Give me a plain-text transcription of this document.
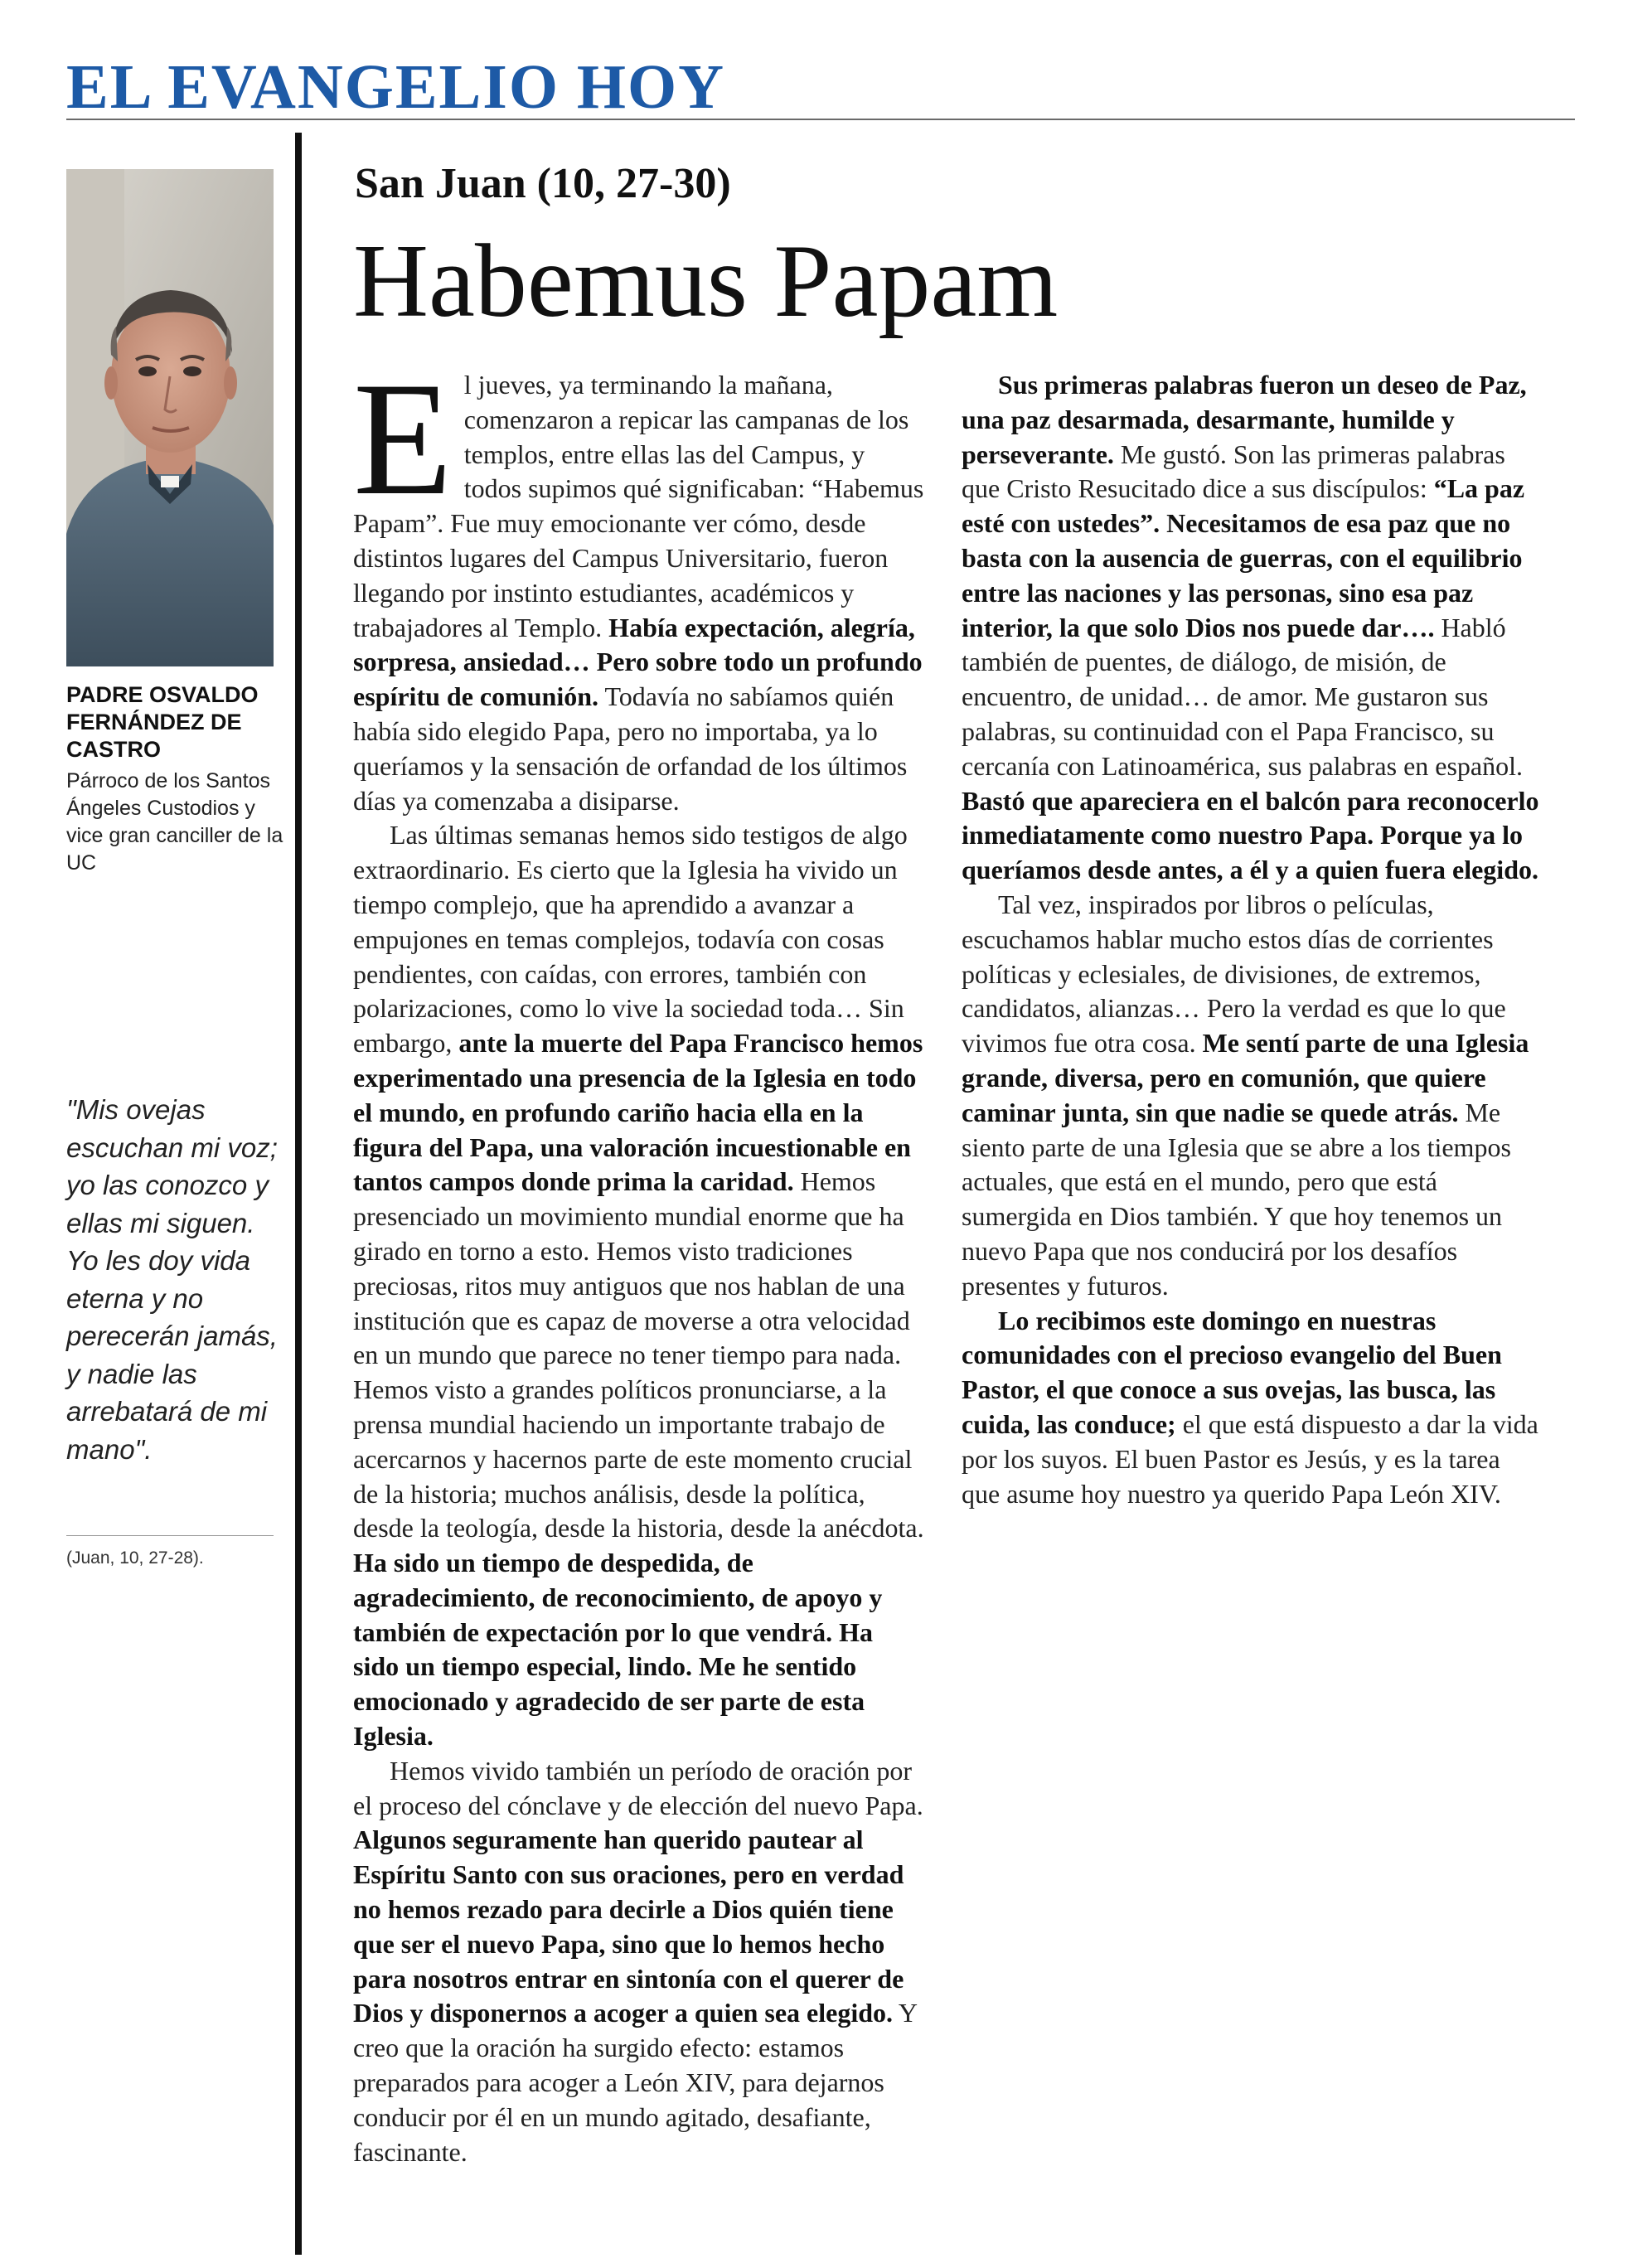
EL EVANGELIO HOY

PADRE OSVALDO FERNÁNDEZ DE CASTRO

Párroco de los Santos Ángeles Custodios y vice gran canciller de la UC

"Mis ovejas escuchan mi voz; yo las conozco y ellas mi siguen. Yo les doy vida eterna y no perecerán jamás, y nadie las arrebatará de mi mano".

(Juan, 10, 27-28).

San Juan (10, 27-30)
Habemus Papam

El jueves, ya terminando la mañana, comenzaron a repicar las campanas de los templos, entre ellas las del Campus, y todos supimos qué significaban: “Habemus Papam”. Fue muy emocionante ver cómo, desde distintos lugares del Campus Universitario, fueron llegando por instinto estudiantes, académicos y trabajadores al Templo. Había expectación, alegría, sorpresa, ansiedad… Pero sobre todo un profundo espíritu de comunión. Todavía no sabíamos quién había sido elegido Papa, pero no importaba, ya lo queríamos y la sensación de orfandad de los últimos días ya comenzaba a disiparse.

Las últimas semanas hemos sido testigos de algo extraordinario. Es cierto que la Iglesia ha vivido un tiempo complejo, que ha aprendido a avanzar a empujones en temas complejos, todavía con cosas pendientes, con caídas, con errores, también con polarizaciones, como lo vive la sociedad toda… Sin embargo, ante la muerte del Papa Francisco hemos experimentado una presencia de la Iglesia en todo el mundo, en profundo cariño hacia ella en la figura del Papa, una valoración incuestionable en tantos campos donde prima la caridad. Hemos presenciado un movimiento mundial enorme que ha girado en torno a esto. Hemos visto tradiciones preciosas, ritos muy antiguos que nos hablan de una institución que es capaz de moverse a otra velocidad en un mundo que parece no tener tiempo para nada. Hemos visto a grandes políticos pronunciarse, a la prensa mundial haciendo un importante trabajo de acercarnos y hacernos parte de este momento crucial de la historia; muchos análisis, desde la política, desde la teología, desde la historia, desde la anécdota. Ha sido un tiempo de despedida, de agradecimiento, de reconocimiento, de apoyo y también de expectación por lo que vendrá. Ha sido un tiempo especial, lindo. Me he sentido emocionado y agradecido de ser parte de esta Iglesia.

Hemos vivido también un período de oración por el proceso del cónclave y de elección del nuevo Papa. Algunos seguramente han querido pautear al Espíritu Santo con sus oraciones, pero en verdad no hemos rezado para decirle a Dios quién tiene que ser el nuevo Papa, sino que lo hemos hecho para nosotros entrar en sintonía con el querer de Dios y disponernos a acoger a quien sea elegido. Y creo que la oración ha surgido efecto: estamos preparados para acoger a León XIV, para dejarnos conducir por él en un mundo agitado, desafiante, fascinante.

Sus primeras palabras fueron un deseo de Paz, una paz desarmada, desarmante, humilde y perseverante. Me gustó. Son las primeras palabras que Cristo Resucitado dice a sus discípulos: “La paz esté con ustedes”. Necesitamos de esa paz que no basta con la ausencia de guerras, con el equilibrio entre las naciones y las personas, sino esa paz interior, la que solo Dios nos puede dar…. Habló también de puentes, de diálogo, de misión, de encuentro, de unidad… de amor. Me gustaron sus palabras, su continuidad con el Papa Francisco, su cercanía con Latinoamérica, sus palabras en español. Bastó que apareciera en el balcón para reconocerlo inmediatamente como nuestro Papa. Porque ya lo queríamos desde antes, a él y a quien fuera elegido.

Tal vez, inspirados por libros o películas, escuchamos hablar mucho estos días de corrientes políticas y eclesiales, de divisiones, de extremos, candidatos, alianzas… Pero la verdad es que lo que vivimos fue otra cosa. Me sentí parte de una Iglesia grande, diversa, pero en comunión, que quiere caminar junta, sin que nadie se quede atrás. Me siento parte de una Iglesia que se abre a los tiempos actuales, que está en el mundo, pero que está sumergida en Dios también. Y que hoy tenemos un nuevo Papa que nos conducirá por los desafíos presentes y futuros.

Lo recibimos este domingo en nuestras comunidades con el precioso evangelio del Buen Pastor, el que conoce a sus ovejas, las busca, las cuida, las conduce; el que está dispuesto a dar la vida por los suyos. El buen Pastor es Jesús, y es la tarea que asume hoy nuestro ya querido Papa León XIV.
